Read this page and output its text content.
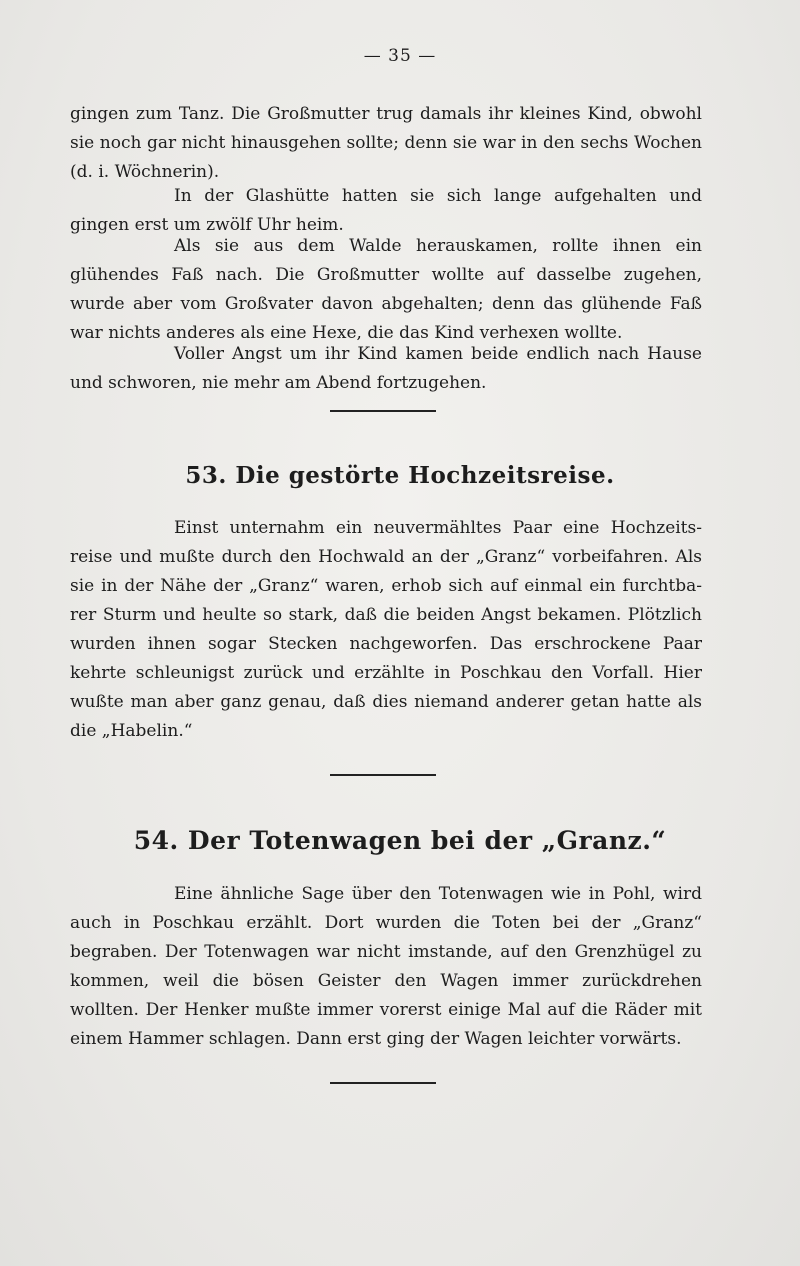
— 35 —

gingen zum Tanz. Die Großmutter trug damals ihr kleines Kind, obwohl sie noch gar nicht hinausgehen sollte; denn sie war in den sechs Wochen (d. i. Wöchnerin).

In der Glashütte hatten sie sich lange aufgehalten und gingen erst um zwölf Uhr heim.

Als sie aus dem Walde herauskamen, rollte ihnen ein glühendes Faß nach. Die Großmutter wollte auf dasselbe zugehen, wurde aber vom Großvater davon abgehalten; denn das glühende Faß war nichts anderes als eine Hexe, die das Kind verhexen wollte.

Voller Angst um ihr Kind kamen beide endlich nach Hause und schworen, nie mehr am Abend fortzugehen.

53. Die gestörte Hochzeitsreise.

Einst unternahm ein neuvermähltes Paar eine Hochzeitsreise und mußte durch den Hochwald an der „Granz“ vorbeifahren. Als sie in der Nähe der „Granz“ waren, erhob sich auf einmal ein furchtbarer Sturm und heulte so stark, daß die beiden Angst bekamen. Plötzlich wurden ihnen sogar Stecken nachgeworfen. Das erschrockene Paar kehrte schleunigst zurück und erzählte in Poschkau den Vorfall. Hier wußte man aber ganz genau, daß dies niemand anderer getan hatte als die „Habelin.“

54. Der Totenwagen bei der „Granz.“

Eine ähnliche Sage über den Totenwagen wie in Pohl, wird auch in Poschkau erzählt. Dort wurden die Toten bei der „Granz“ begraben. Der Totenwagen war nicht imstande, auf den Grenzhügel zu kommen, weil die bösen Geister den Wagen immer zurückdrehen wollten. Der Henker mußte immer vorerst einige Mal auf die Räder mit einem Hammer schlagen. Dann erst ging der Wagen leichter vorwärts.
